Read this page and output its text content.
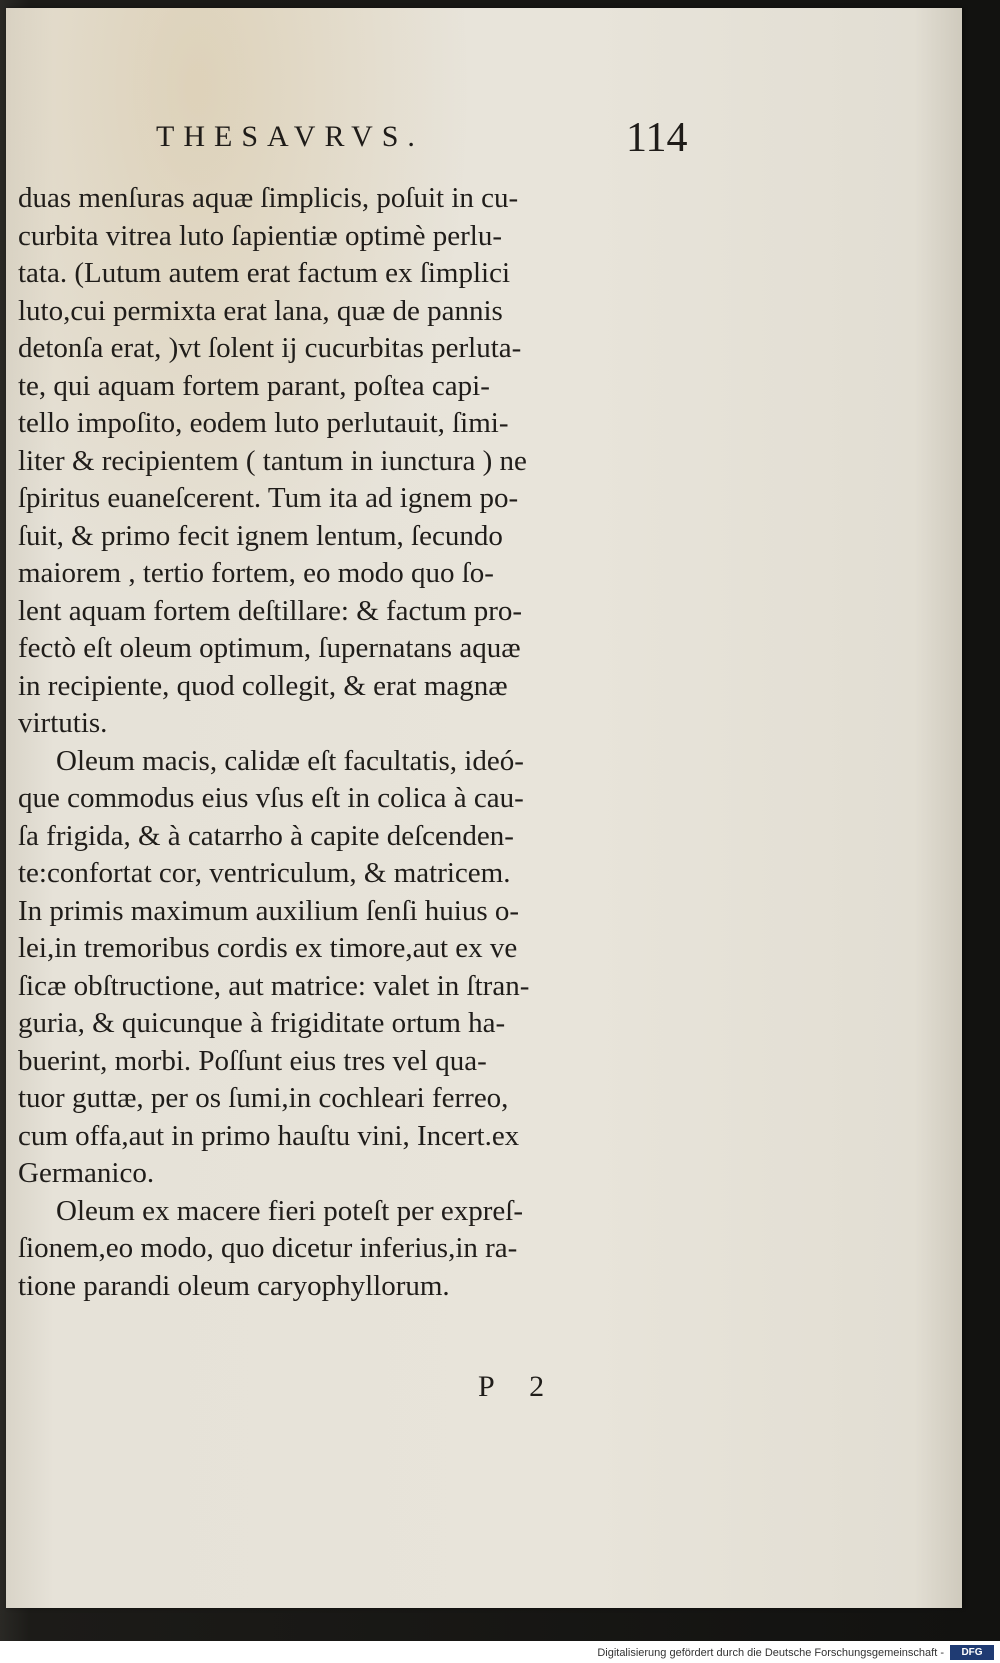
THESAVRVS.	114
duas menſuras aquæ ſimplicis, poſuit in cu-
curbita vitrea luto ſapientiæ optimè perlu-
tata. (Lutum autem erat factum ex ſimplici
luto,cui permixta erat lana, quæ de pannis
detonſa erat, )vt ſolent ij cucurbitas perluta-
te, qui aquam fortem parant, poſtea capi-
tello impoſito, eodem luto perlutauit, ſimi-
liter & recipientem ( tantum in iunctura ) ne
ſpiritus euaneſcerent. Tum ita ad ignem po-
ſuit, & primo fecit ignem lentum, ſecundo
maiorem , tertio fortem, eo modo quo ſo-
lent aquam fortem deſtillare: & factum pro-
fectò eſt oleum optimum, ſupernatans aquæ
in recipiente, quod collegit, & erat magnæ
virtutis.
Oleum macis, calidæ eſt facultatis, ideó-
que commodus eius vſus eſt in colica à cau-
ſa frigida, & à catarrho à capite deſcenden-
te:confortat cor, ventriculum, & matricem.
In primis maximum auxilium ſenſi huius o-
lei,in tremoribus cordis ex timore,aut ex ve
ſicæ obſtructione, aut matrice: valet in ſtran-
guria, & quicunque à frigiditate ortum ha-
buerint, morbi. Poſſunt eius tres vel qua-
tuor guttæ, per os ſumi,in cochleari ferreo,
cum offa,aut in primo hauſtu vini, Incert.ex
Germanico.
Oleum ex macere fieri poteſt per expreſ-
ſionem,eo modo, quo dicetur inferius,in ra-
tione parandi oleum caryophyllorum.
P 2
Digitalisierung gefördert durch die Deutsche Forschungsgemeinschaft -	DFG
